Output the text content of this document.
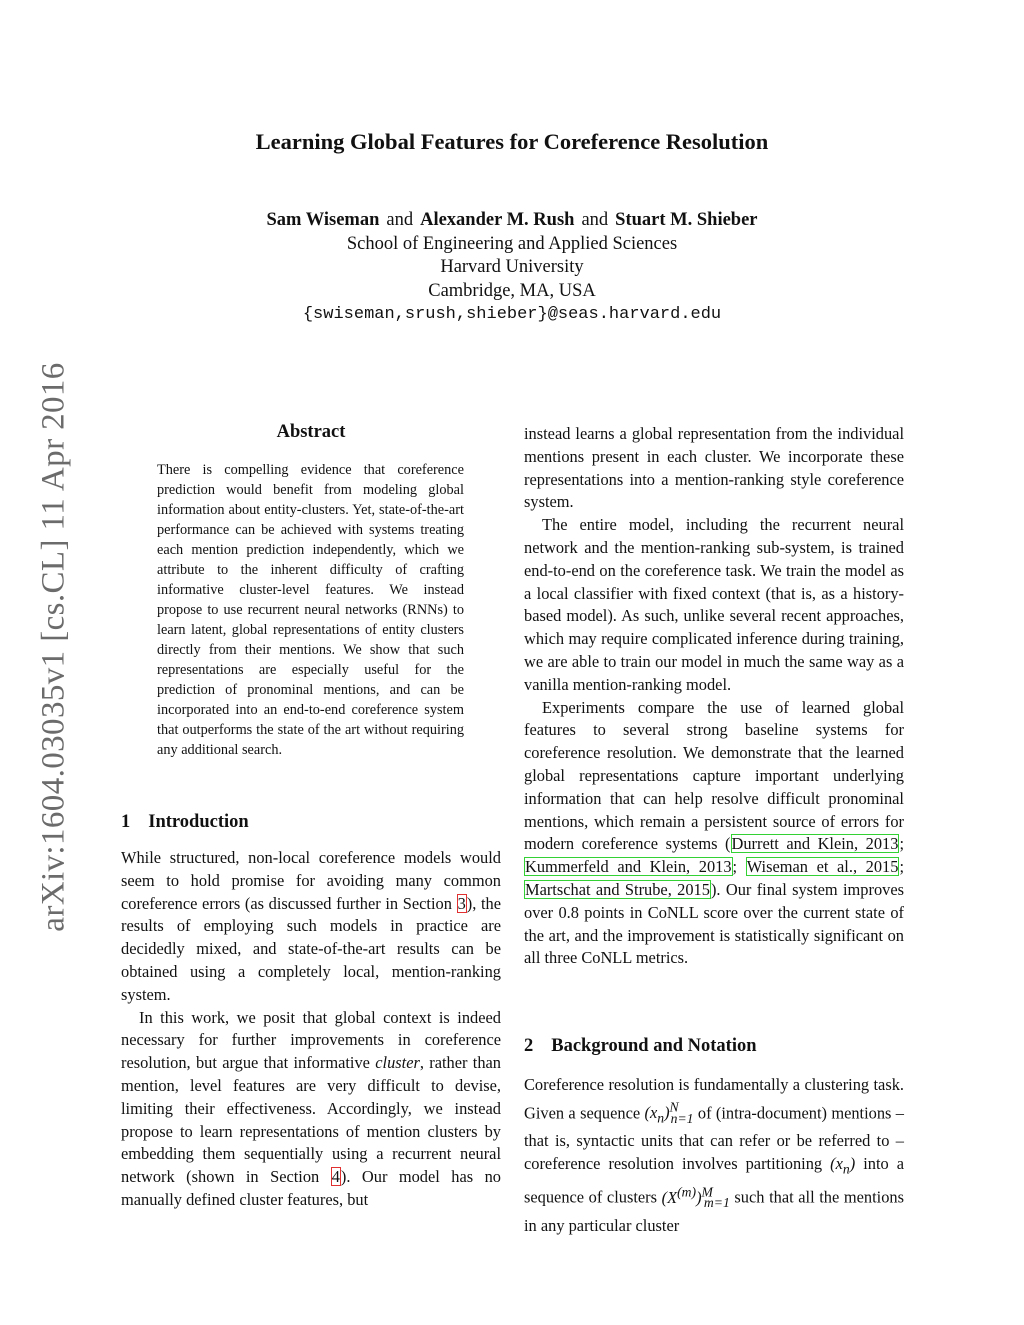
arXiv:1604.03035v1 [cs.CL] 11 Apr 2016
Learning Global Features for Coreference Resolution
Sam Wiseman and Alexander M. Rush and Stuart M. Shieber
School of Engineering and Applied Sciences
Harvard University
Cambridge, MA, USA
{swiseman,srush,shieber}@seas.harvard.edu
Abstract
There is compelling evidence that coreference prediction would benefit from modeling global information about entity-clusters. Yet, state-of-the-art performance can be achieved with systems treating each mention prediction independently, which we attribute to the inherent difficulty of crafting informative cluster-level features. We instead propose to use recurrent neural networks (RNNs) to learn latent, global representations of entity clusters directly from their mentions. We show that such representations are especially useful for the prediction of pronominal mentions, and can be incorporated into an end-to-end coreference system that outperforms the state of the art without requiring any additional search.
1 Introduction

While structured, non-local coreference models would seem to hold promise for avoiding many common coreference errors (as discussed further in Section 3), the results of employing such models in practice are decidedly mixed, and state-of-the-art results can be obtained using a completely local, mention-ranking system.

In this work, we posit that global context is indeed necessary for further improvements in coreference resolution, but argue that informative cluster, rather than mention, level features are very difficult to devise, limiting their effectiveness. Accordingly, we instead propose to learn representations of mention clusters by embedding them sequentially using a recurrent neural network (shown in Section 4). Our model has no manually defined cluster features, but

instead learns a global representation from the individual mentions present in each cluster. We incorporate these representations into a mention-ranking style coreference system.

The entire model, including the recurrent neural network and the mention-ranking sub-system, is trained end-to-end on the coreference task. We train the model as a local classifier with fixed context (that is, as a history-based model). As such, unlike several recent approaches, which may require complicated inference during training, we are able to train our model in much the same way as a vanilla mention-ranking model.

Experiments compare the use of learned global features to several strong baseline systems for coreference resolution. We demonstrate that the learned global representations capture important underlying information that can help resolve difficult pronominal mentions, which remain a persistent source of errors for modern coreference systems (Durrett and Klein, 2013; Kummerfeld and Klein, 2013; Wiseman et al., 2015; Martschat and Strube, 2015). Our final system improves over 0.8 points in CoNLL score over the current state of the art, and the improvement is statistically significant on all three CoNLL metrics.

2 Background and Notation

Coreference resolution is fundamentally a clustering task. Given a sequence $(x_n)^N_{n=1}$ of (intra-document) mentions – that is, syntactic units that can refer or be referred to – coreference resolution involves partitioning $(x_n)$ into a sequence of clusters $(X^{(m)})^M_{m=1}$ such that all the mentions in any particular cluster
